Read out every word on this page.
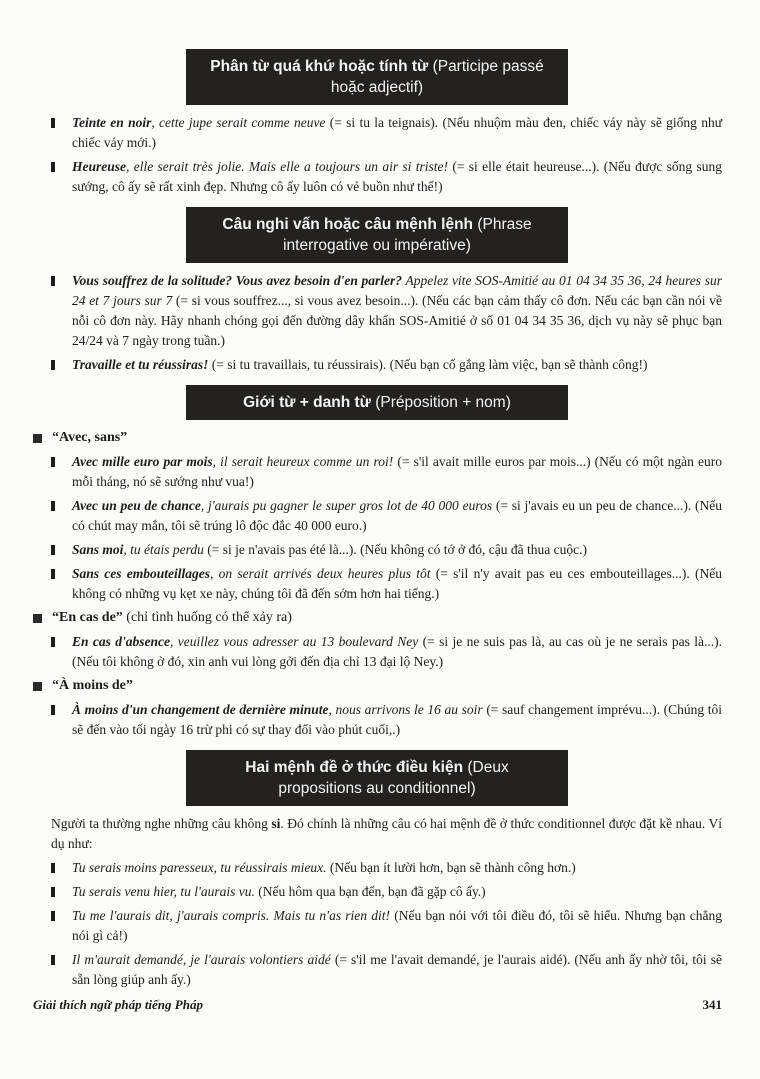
Phân từ quá khứ hoặc tính từ (Participe passé hoặc adjectif)
Teinte en noir, cette jupe serait comme neuve (= si tu la teignais). (Nếu nhuộm màu đen, chiếc váy này sẽ giống như chiếc váy mới.)
Heureuse, elle serait très jolie. Mais elle a toujours un air si triste! (= si elle était heureuse...). (Nếu được sống sung sướng, cô ấy sẽ rất xinh đẹp. Nhưng cô ấy luôn có vẻ buồn như thế!)
Câu nghi vấn hoặc câu mệnh lệnh (Phrase interrogative ou impérative)
Vous souffrez de la solitude? Vous avez besoin d'en parler? Appelez vite SOS-Amitié au 01 04 34 35 36, 24 heures sur 24 et 7 jours sur 7 (= si vous souffrez..., si vous avez besoin...). (Nếu các bạn cảm thấy cô đơn. Nếu các bạn cần nói về nỗi cô đơn này. Hãy nhanh chóng gọi đến đường dây khẩn SOS-Amitié ở số 01 04 34 35 36, dịch vụ này sẽ phục bạn 24/24 và 7 ngày trong tuần.)
Travaille et tu réussiras! (= si tu travaillais, tu réussirais). (Nếu bạn cố gắng làm việc, bạn sẽ thành công!)
Giới từ + danh từ (Préposition + nom)
“Avec, sans”
Avec mille euro par mois, il serait heureux comme un roi! (= s'il avait mille euros par mois...) (Nếu có một ngàn euro mỗi tháng, nó sẽ sướng như vua!)
Avec un peu de chance, j'aurais pu gagner le super gros lot de 40 000 euros (= si j'avais eu un peu de chance...). (Nếu có chút may mắn, tôi sẽ trúng lô độc đắc 40 000 euro.)
Sans moi, tu étais perdu (= si je n'avais pas été là...). (Nếu không có tớ ở đó, cậu đã thua cuộc.)
Sans ces embouteillages, on serait arrivés deux heures plus tôt (= s'il n'y avait pas eu ces embouteillages...). (Nếu không có những vụ kẹt xe này, chúng tôi đã đến sớm hơn hai tiếng.)
“En cas de” (chỉ tình huống có thể xảy ra)
En cas d'absence, veuillez vous adresser au 13 boulevard Ney (= si je ne suis pas là, au cas où je ne serais pas là...). (Nếu tôi không ở đó, xin anh vui lòng gởi đến địa chỉ 13 đại lộ Ney.)
“À moins de”
À moins d'un changement de dernière minute, nous arrivons le 16 au soir (= sauf changement imprévu...). (Chúng tôi sẽ đến vào tối ngày 16 trừ phi có sự thay đổi vào phút cuối,.)
Hai mệnh đề ở thức điều kiện (Deux propositions au conditionnel)
Người ta thường nghe những câu không si. Đó chính là những câu có hai mệnh đề ở thức conditionnel được đặt kề nhau. Ví dụ như:
Tu serais moins paresseux, tu réussirais mieux. (Nếu bạn ít lười hơn, bạn sẽ thành công hơn.)
Tu serais venu hier, tu l'aurais vu. (Nếu hôm qua bạn đến, bạn đã gặp cô ấy.)
Tu me l'aurais dit, j'aurais compris. Mais tu n'as rien dit! (Nếu bạn nói với tôi điều đó, tôi sẽ hiểu. Nhưng bạn chẳng nói gì cả!)
Il m'aurait demandé, je l'aurais volontiers aidé (= s'il me l'avait demandé, je l'aurais aidé). (Nếu anh ấy nhờ tôi, tôi sẽ sẵn lòng giúp anh ấy.)
Giải thích ngữ pháp tiếng Pháp	341
